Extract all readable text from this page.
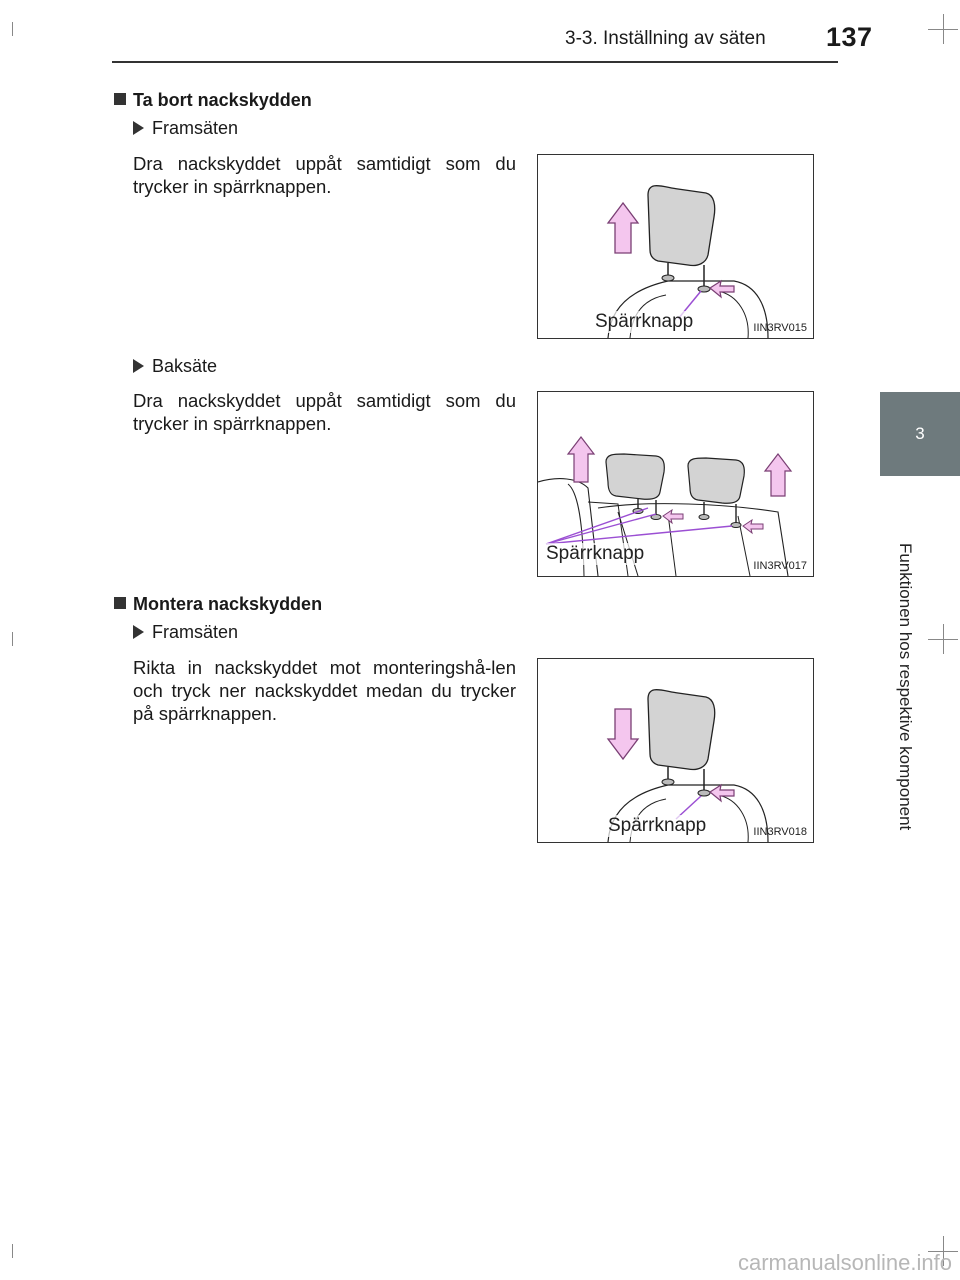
3-3. Inställning av säten 137
3
Funktionen hos respektive komponent
Ta bort nackskydden
Framsäten
Dra nackskyddet uppåt samtidigt som du trycker in spärrknappen.
Spärrknapp	IIN3RV015
Baksäte
Dra nackskyddet uppåt samtidigt som du trycker in spärrknappen.
Spärrknapp
IIN3RV017
Montera nackskydden
Framsäten
Rikta in nackskyddet mot monteringshå-len och tryck ner nackskyddet medan du trycker på spärrknappen.
Spärrknapp	IIN3RV018
carmanualsonline.info
